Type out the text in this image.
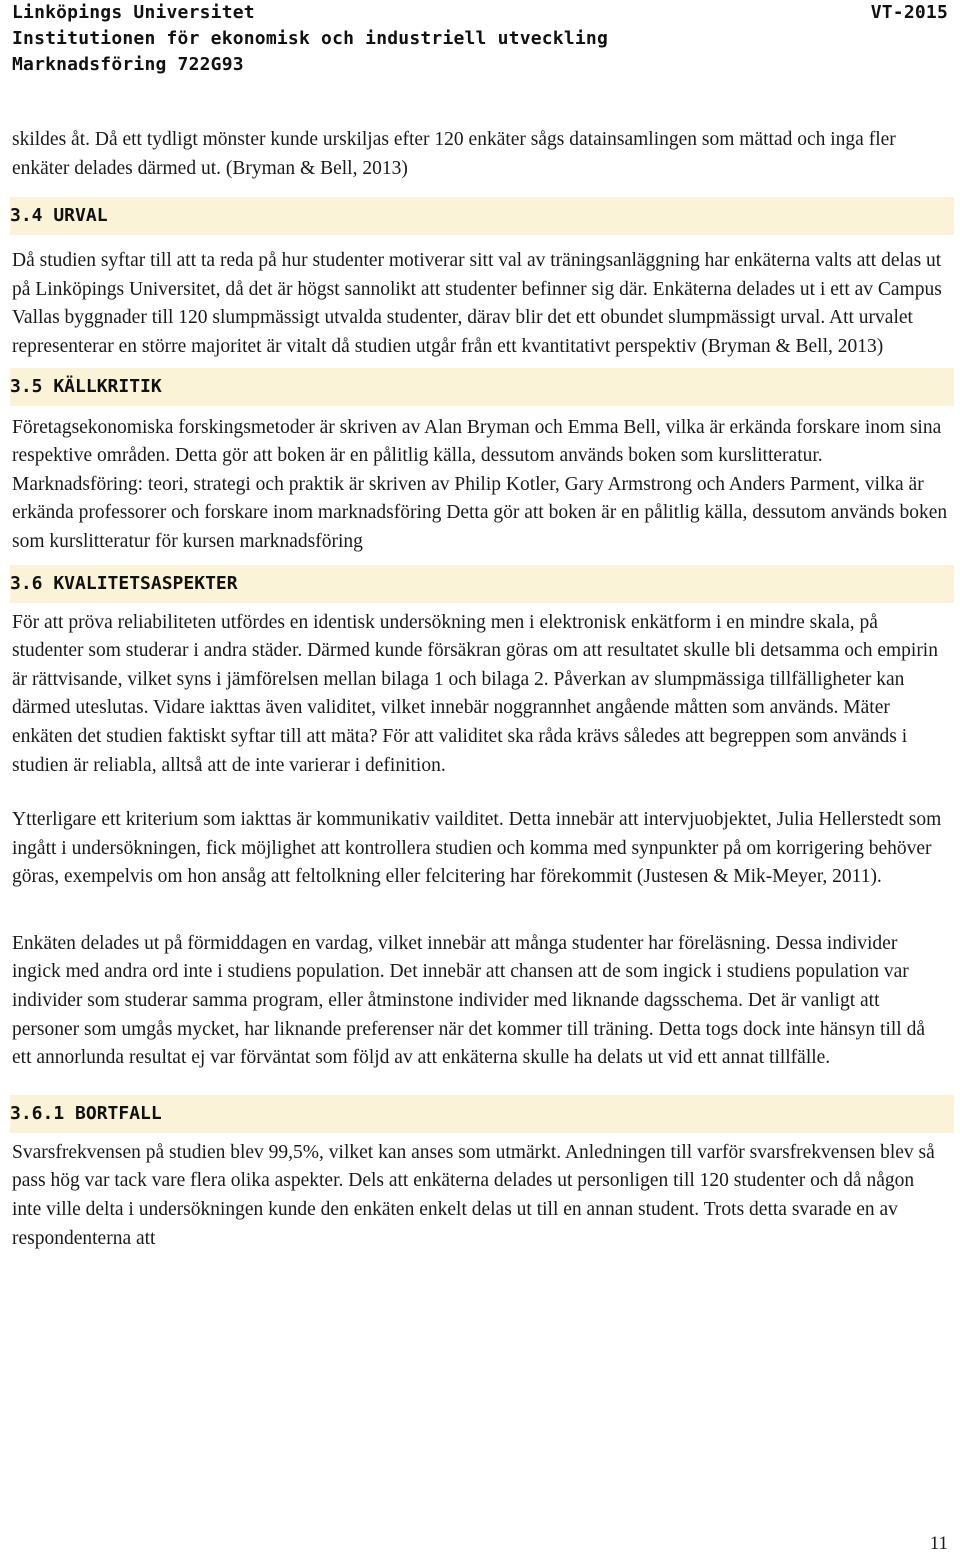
Linköpings Universitet
Institutionen för ekonomisk och industriell utveckling
Marknadsföring 722G93
VT-2015

skildes åt. Då ett tydligt mönster kunde urskiljas efter 120 enkäter sågs datainsamlingen som mättad och inga fler enkäter delades därmed ut. (Bryman & Bell, 2013)

3.4 URVAL

Då studien syftar till att ta reda på hur studenter motiverar sitt val av träningsanläggning har enkäterna valts att delas ut på Linköpings Universitet, då det är högst sannolikt att studenter befinner sig där. Enkäterna delades ut i ett av Campus Vallas byggnader till 120 slumpmässigt utvalda studenter, därav blir det ett obundet slumpmässigt urval. Att urvalet representerar en större majoritet är vitalt då studien utgår från ett kvantitativt perspektiv (Bryman & Bell, 2013)

3.5 KÄLLKRITIK

Företagsekonomiska forskingsmetoder är skriven av Alan Bryman och Emma Bell, vilka är erkända forskare inom sina respektive områden. Detta gör att boken är en pålitlig källa, dessutom används boken som kurslitteratur.

Marknadsföring: teori, strategi och praktik är skriven av Philip Kotler, Gary Armstrong och Anders Parment, vilka är erkända professorer och forskare inom marknadsföring Detta gör att boken är en pålitlig källa, dessutom används boken som kurslitteratur för kursen marknadsföring

3.6 KVALITETSASPEKTER

För att pröva reliabiliteten utfördes en identisk undersökning men i elektronisk enkätform i en mindre skala, på studenter som studerar i andra städer. Därmed kunde försäkran göras om att resultatet skulle bli detsamma och empirin är rättvisande, vilket syns i jämförelsen mellan bilaga 1 och bilaga 2. Påverkan av slumpmässiga tillfälligheter kan därmed uteslutas. Vidare iakttas även validitet, vilket innebär noggrannhet angående måtten som används. Mäter enkäten det studien faktiskt syftar till att mäta? För att validitet ska råda krävs således att begreppen som används i studien är reliabla, alltså att de inte varierar i definition.

Ytterligare ett kriterium som iakttas är kommunikativ vailditet. Detta innebär att intervjuobjektet, Julia Hellerstedt som ingått i undersökningen, fick möjlighet att kontrollera studien och komma med synpunkter på om korrigering behöver göras, exempelvis om hon ansåg att feltolkning eller felcitering har förekommit (Justesen & Mik-Meyer, 2011).

Enkäten delades ut på förmiddagen en vardag, vilket innebär att många studenter har föreläsning. Dessa individer ingick med andra ord inte i studiens population. Det innebär att chansen att de som ingick i studiens population var individer som studerar samma program, eller åtminstone individer med liknande dagsschema. Det är vanligt att personer som umgås mycket, har liknande preferenser när det kommer till träning. Detta togs dock inte hänsyn till då ett annorlunda resultat ej var förväntat som följd av att enkäterna skulle ha delats ut vid ett annat tillfälle.

3.6.1 BORTFALL

Svarsfrekvensen på studien blev 99,5%, vilket kan anses som utmärkt. Anledningen till varför svarsfrekvensen blev så pass hög var tack vare flera olika aspekter. Dels att enkäterna delades ut personligen till 120 studenter och då någon inte ville delta i undersökningen kunde den enkäten enkelt delas ut till en annan student. Trots detta svarade en av respondenterna att

11
